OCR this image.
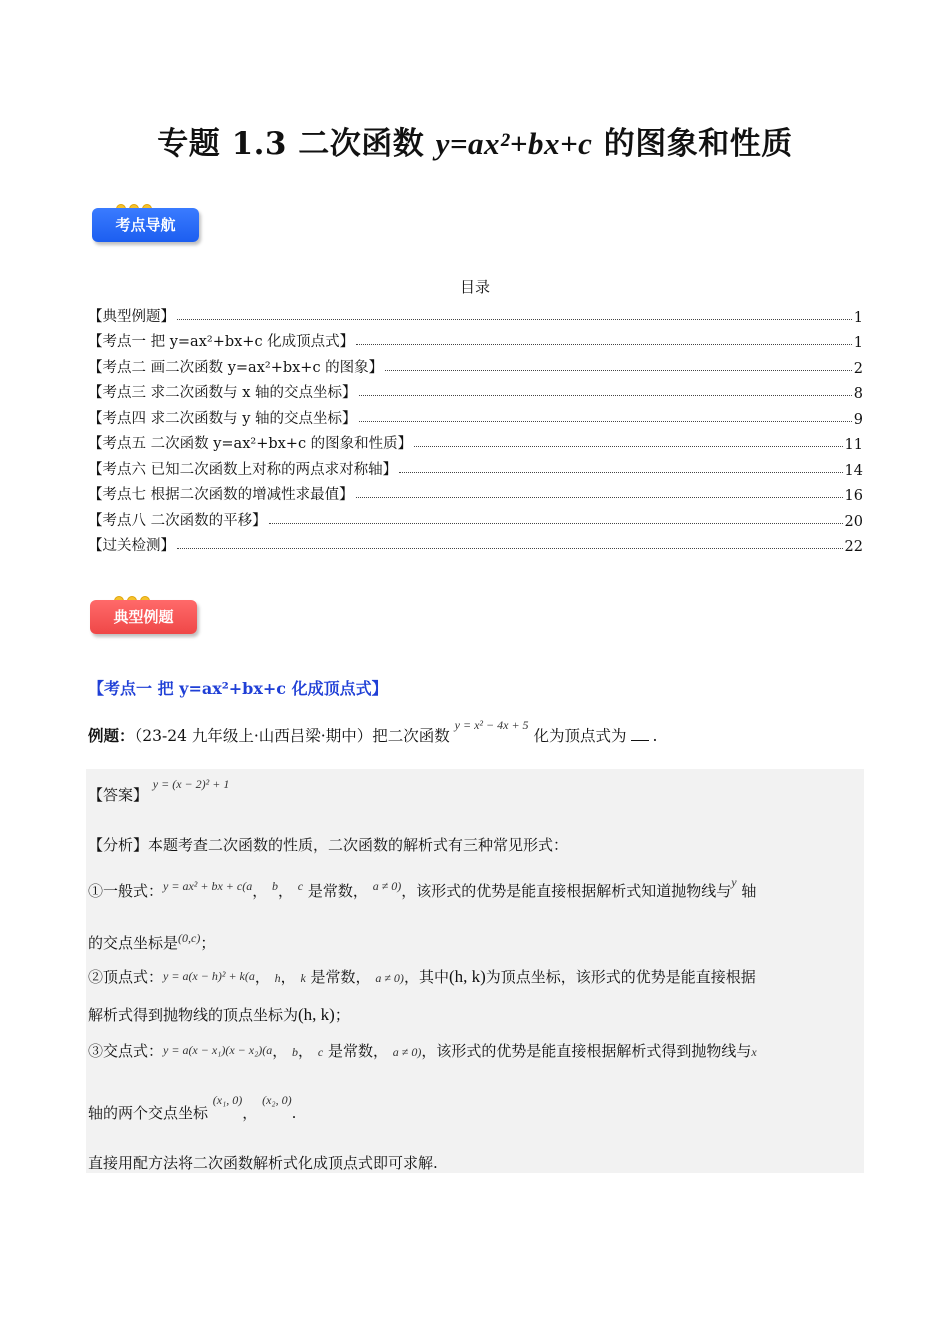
专题 1.3 二次函数 y=ax²+bx+c 的图象和性质
考点导航
目录
【典型例题】	1
【考点一 把 y=ax²+bx+c 化成顶点式】	1
【考点二 画二次函数 y=ax²+bx+c 的图象】	2
【考点三 求二次函数与 x 轴的交点坐标】	8
【考点四 求二次函数与 y 轴的交点坐标】	9
【考点五 二次函数 y=ax²+bx+c 的图象和性质】	11
【考点六 已知二次函数上对称的两点求对称轴】	14
【考点七 根据二次函数的增减性求最值】	16
【考点八 二次函数的平移】	20
【过关检测】	22
典型例题
【考点一 把 y=ax²+bx+c 化成顶点式】
例题：（23-24 九年级上·山西吕梁·期中）把二次函数 $^{y = x^2 - 4x + 5}$ 化为顶点式为 .
【答案】 $^{y = (x - 2)^2 + 1}$
【分析】本题考查二次函数的性质，二次函数的解析式有三种常见形式：
①一般式：$^{y = ax^2 + bx + c(a}$， $^b$， $^c$ 是常数， $^{a \ne 0)}$，该形式的优势是能直接根据解析式知道抛物线与$^y$ 轴
的交点坐标是$^{(0,c)}$；
②顶点式：y = a(x − h)² + k(a， h， k 是常数， a ≠ 0)，其中(h, k)为顶点坐标，该形式的优势是能直接根据
解析式得到抛物线的顶点坐标为(h, k)；
③交点式：y = a(x − x₁)(x − x₂)(a， b， c 是常数， a ≠ 0)，该形式的优势是能直接根据解析式得到抛物线与x
轴的两个交点坐标 $^{(x_1, 0)}$， $^{(x_2, 0)}$.
直接用配方法将二次函数解析式化成顶点式即可求解.
